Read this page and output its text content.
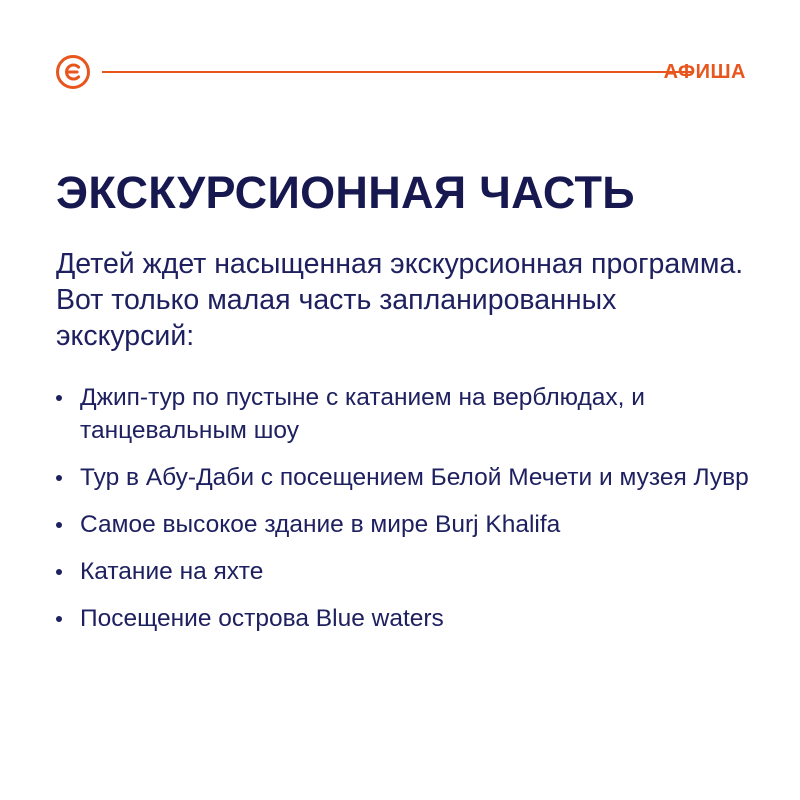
АФИША
ЭКСКУРСИОННАЯ ЧАСТЬ

Детей ждет насыщенная экскурсионная программа. Вот только малая часть запланированных экскурсий:

Джип-тур по пустыне с катанием на верблюдах, и танцевальным шоу
Тур в Абу-Даби с посещением Белой Мечети и музея Лувр
Самое высокое здание в мире Burj Khalifa
Катание на яхте
Посещение острова Blue waters
